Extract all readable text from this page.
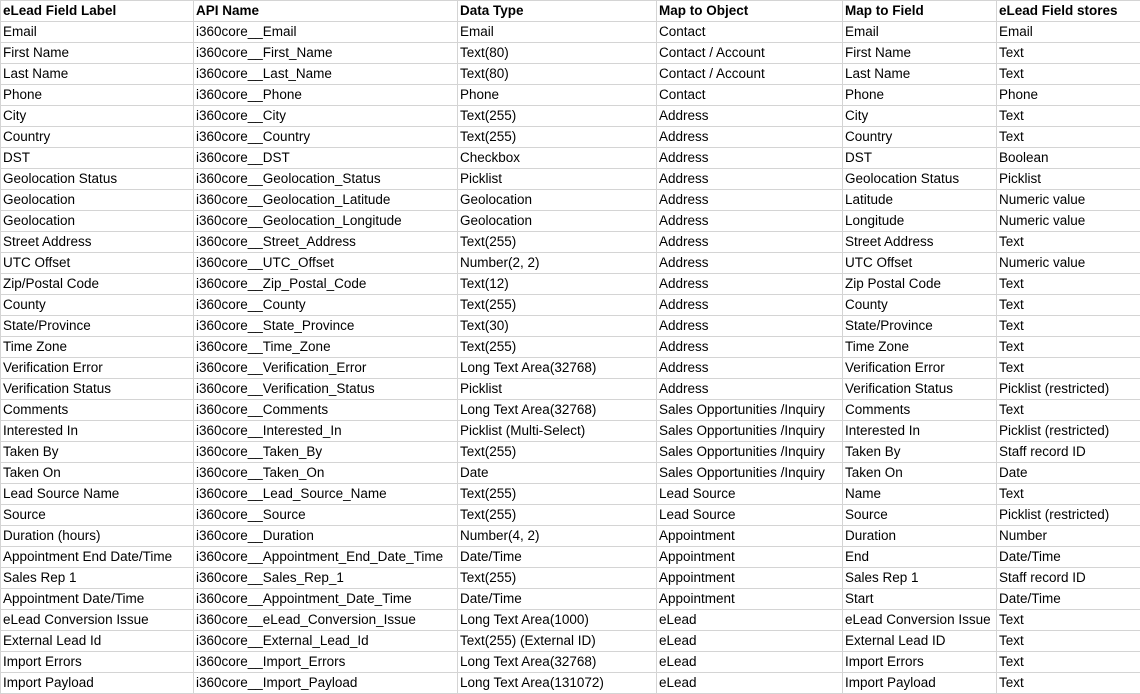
eLead Field Label	API Name	Data Type	Map to Object	Map to Field	eLead Field stores
Email	i360core__Email	Email	Contact	Email	Email
First Name	i360core__First_Name	Text(80)	Contact / Account	First Name	Text
Last Name	i360core__Last_Name	Text(80)	Contact / Account	Last Name	Text
Phone	i360core__Phone	Phone	Contact	Phone	Phone
City	i360core__City	Text(255)	Address	City	Text
Country	i360core__Country	Text(255)	Address	Country	Text
DST	i360core__DST	Checkbox	Address	DST	Boolean
Geolocation Status	i360core__Geolocation_Status	Picklist	Address	Geolocation Status	Picklist
Geolocation	i360core__Geolocation_Latitude	Geolocation	Address	Latitude	Numeric value
Geolocation	i360core__Geolocation_Longitude	Geolocation	Address	Longitude	Numeric value
Street Address	i360core__Street_Address	Text(255)	Address	Street Address	Text
UTC Offset	i360core__UTC_Offset	Number(2, 2)	Address	UTC Offset	Numeric value
Zip/Postal Code	i360core__Zip_Postal_Code	Text(12)	Address	Zip Postal Code	Text
County	i360core__County	Text(255)	Address	County	Text
State/Province	i360core__State_Province	Text(30)	Address	State/Province	Text
Time Zone	i360core__Time_Zone	Text(255)	Address	Time Zone	Text
Verification Error	i360core__Verification_Error	Long Text Area(32768)	Address	Verification Error	Text
Verification Status	i360core__Verification_Status	Picklist	Address	Verification Status	Picklist (restricted)
Comments	i360core__Comments	Long Text Area(32768)	Sales Opportunities /Inquiry	Comments	Text
Interested In	i360core__Interested_In	Picklist (Multi-Select)	Sales Opportunities /Inquiry	Interested In	Picklist (restricted)
Taken By	i360core__Taken_By	Text(255)	Sales Opportunities /Inquiry	Taken By	Staff record ID
Taken On	i360core__Taken_On	Date	Sales Opportunities /Inquiry	Taken On	Date
Lead Source Name	i360core__Lead_Source_Name	Text(255)	Lead Source	Name	Text
Source	i360core__Source	Text(255)	Lead Source	Source	Picklist (restricted)
Duration (hours)	i360core__Duration	Number(4, 2)	Appointment	Duration	Number
Appointment End Date/Time	i360core__Appointment_End_Date_Time	Date/Time	Appointment	End	Date/Time
Sales Rep 1	i360core__Sales_Rep_1	Text(255)	Appointment	Sales Rep 1	Staff record ID
Appointment Date/Time	i360core__Appointment_Date_Time	Date/Time	Appointment	Start	Date/Time
eLead Conversion Issue	i360core__eLead_Conversion_Issue	Long Text Area(1000)	eLead	eLead Conversion Issue	Text
External Lead Id	i360core__External_Lead_Id	Text(255) (External ID)	eLead	External Lead ID	Text
Import Errors	i360core__Import_Errors	Long Text Area(32768)	eLead	Import Errors	Text
Import Payload	i360core__Import_Payload	Long Text Area(131072)	eLead	Import Payload	Text
